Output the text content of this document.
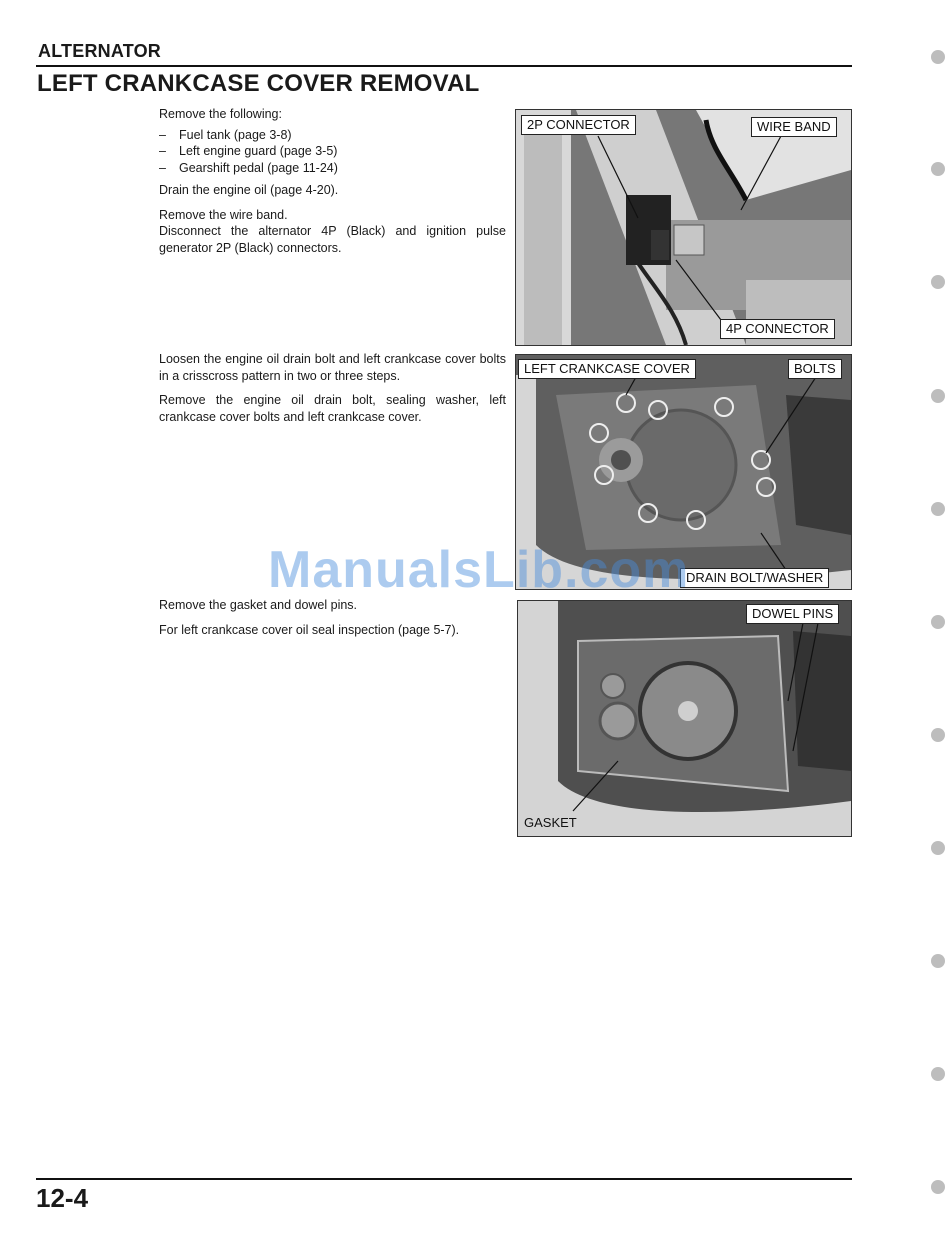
ALTERNATOR
LEFT CRANKCASE COVER REMOVAL

Remove the following:

– Fuel tank (page 3-8)
– Left engine guard (page 3-5)
– Gearshift pedal (page 11-24)

Drain the engine oil (page 4-20).

Remove the wire band.

Disconnect the alternator 4P (Black) and ignition pulse generator 2P (Black) connectors.

Loosen the engine oil drain bolt and left crankcase cover bolts in a crisscross pattern in two or three steps.

Remove the engine oil drain bolt, sealing washer, left crankcase cover bolts and left crankcase cover.

Remove the gasket and dowel pins.

For left crankcase cover oil seal inspection (page 5-7).

2P CONNECTOR	WIRE BAND
4P CONNECTOR
LEFT CRANKCASE COVER	BOLTS
DRAIN BOLT/WASHER
DOWEL PINS
GASKET
ManualsLib.com
12-4
